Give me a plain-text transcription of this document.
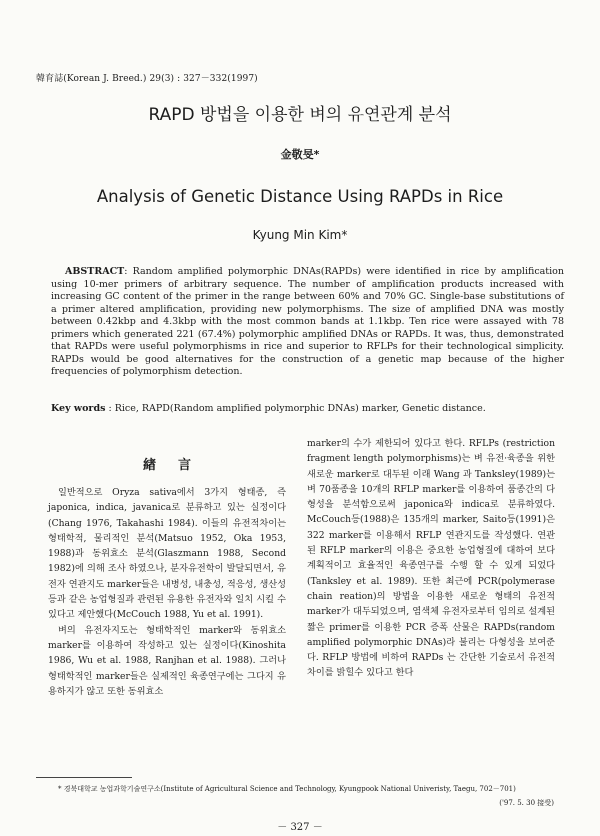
韓育誌(Korean J. Breed.) 29(3) : 327－332(1997)
RAPD 방법을 이용한 벼의 유연관계 분석
金敬旻*
Analysis of Genetic Distance Using RAPDs in Rice
Kyung Min Kim*
ABSTRACT: Random amplified polymorphic DNAs(RAPDs) were identified in rice by amplification using 10-mer primers of arbitrary sequence. The number of amplification products increased with increasing GC content of the primer in the range between 60% and 70% GC. Single-base substitutions of a primer altered amplification, providing new polymorphisms. The size of amplified DNA was mostly between 0.42kbp and 4.3kbp with the most common bands at 1.1kbp. Ten rice were assayed with 78 primers which generated 221 (67.4%) polymorphic amplified DNAs or RAPDs. It was, thus, demonstrated that RAPDs were useful polymorphisms in rice and superior to RFLPs for their technological simplicity. RAPDs would be good alternatives for the construction of a genetic map because of the higher frequencies of polymorphism detection.
Key words : Rice, RAPD(Random amplified polymorphic DNAs) marker, Genetic distance.
緖言

일반적으로 Oryza sativa에서 3가지 형태종, 즉 japonica, indica, javanica로 분류하고 있는 실정이다(Chang 1976, Takahashi 1984). 이들의 유전적차이는 형태학적, 물리적인 분석(Matsuo 1952, Oka 1953, 1988)과 동위효소 분석(Glaszmann 1988, Second 1982)에 의해 조사 하였으나, 분자유전학이 발달되면서, 유전자 연관지도 marker들은 내병성, 내충성, 적응성, 생산성등과 같은 농업형질과 관련된 유용한 유전자와 일치 시킬 수 있다고 제안했다(McCouch 1988, Yu et al. 1991).

벼의 유전자지도는 형태학적인 marker와 동위효소 marker를 이용하여 작성하고 있는 실정이다(Kinoshita 1986, Wu et al. 1988, Ranjhan et al. 1988). 그러나 형태학적인 marker들은 실제적인 육종연구에는 그다지 유용하지가 않고 또한 동위효소

marker의 수가 제한되어 있다고 한다. RFLPs (restriction fragment length polymorphisms)는 벼 유전·육종을 위한 새로운 marker로 대두된 이래 Wang 과 Tanksley(1989)는 벼 70품종을 10개의 RFLP marker를 이용하여 품종간의 다형성을 분석함으로써 japonica와 indica로 분류하였다. McCouch등(1988)은 135개의 marker, Saito등(1991)은 322 marker를 이용해서 RFLP 연관지도를 작성했다. 연관된 RFLP marker의 이용은 중요한 농업형질에 대하여 보다 계획적이고 효율적인 육종연구를 수행 할 수 있게 되었다(Tanksley et al. 1989). 또한 최근에 PCR(polymerase chain reation)의 방법을 이용한 새로운 형태의 유전적 marker가 대두되었으며, 염색체 유전자로부터 임의로 설계된 짧은 primer를 이용한 PCR 증폭 산물은 RAPDs(random amplified polymorphic DNAs)라 불리는 다형성을 보여준다. RFLP 방법에 비하여 RAPDs 는 간단한 기술로서 유전적 차이를 밝힐수 있다고 한다

* 경북대학교 농업과학기술연구소(Institute of Agricultural Science and Technology, Kyungpook National Univeristy, Taegu, 702－701)
('97. 5. 30 接受)
－ 327 －
